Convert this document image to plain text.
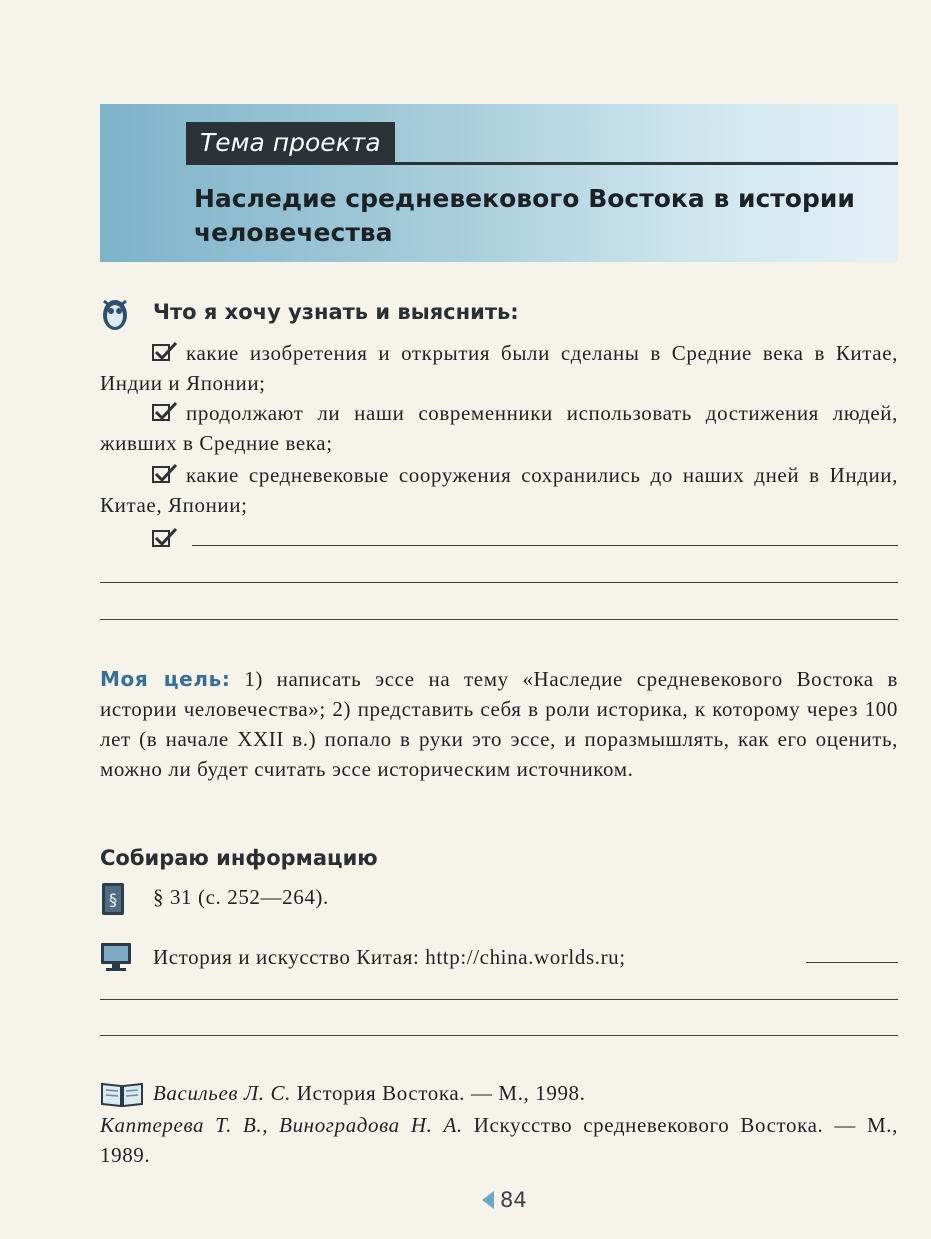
Тема проекта
Наследие средневекового Востока в истории человечества
Что я хочу узнать и выяснить:
какие изобретения и открытия были сделаны в Средние века в Китае, Индии и Японии;
продолжают ли наши современники использовать достижения людей, живших в Средние века;
какие средневековые сооружения сохранились до наших дней в Индии, Китае, Японии;
Моя цель: 1) написать эссе на тему «Наследие средневекового Востока в истории человечества»; 2) представить себя в роли историка, к которому через 100 лет (в начале XXII в.) попало в руки это эссе, и поразмышлять, как его оценить, можно ли будет считать эссе историческим источником.
Собираю информацию
§ § 31 (с. 252—264).
История и искусство Китая: http://china.worlds.ru;
Васильев Л. С. История Востока. — М., 1998.
Каптерева Т. В., Виноградова Н. А. Искусство средневекового Востока. — М., 1989.
84
